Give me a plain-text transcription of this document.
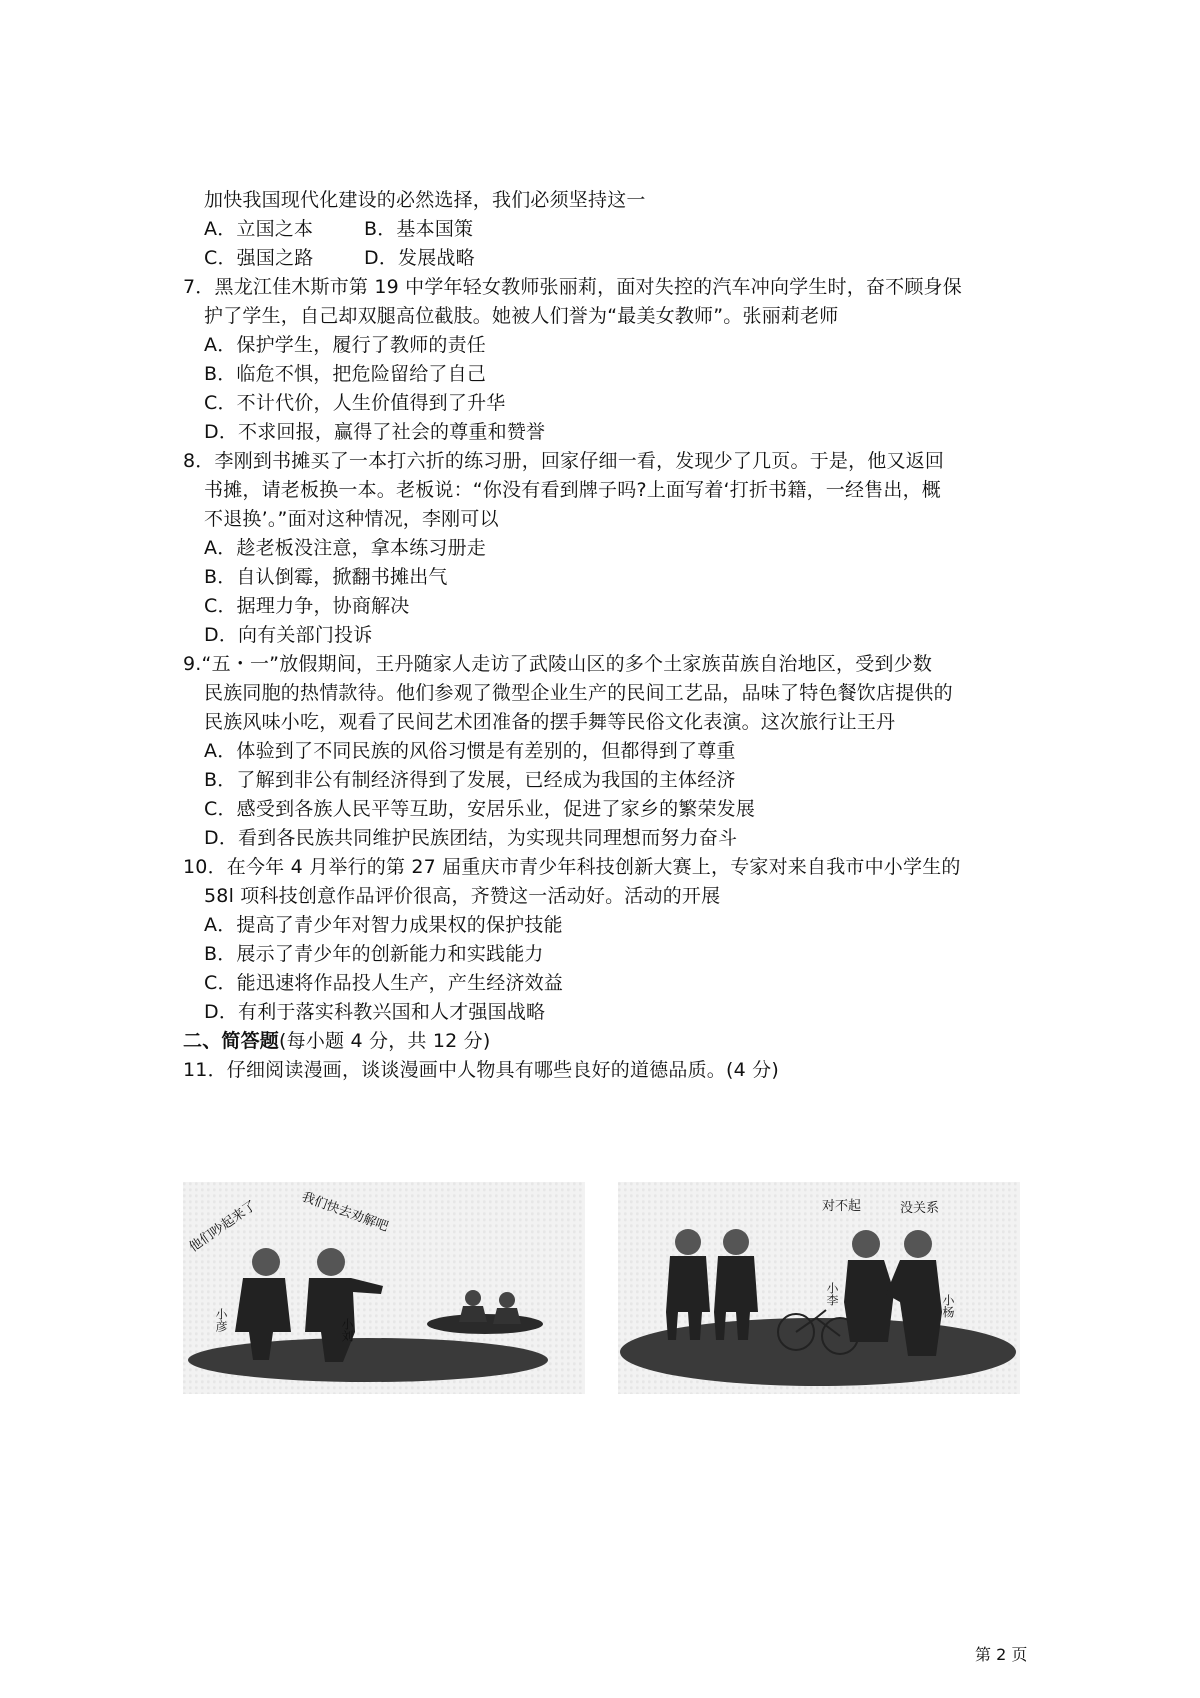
加快我国现代化建设的必然选择，我们必须坚持这一
A．立国之本	B．基本国策
C．强国之路	D．发展战略
7．黑龙江佳木斯市第 19 中学年轻女教师张丽莉，面对失控的汽车冲向学生时，奋不顾身保
护了学生，自己却双腿高位截肢。她被人们誉为“最美女教师”。张丽莉老师
A．保护学生，履行了教师的责任
B．临危不惧，把危险留给了自己
C．不计代价，人生价值得到了升华
D．不求回报，赢得了社会的尊重和赞誉
8．李刚到书摊买了一本打六折的练习册，回家仔细一看，发现少了几页。于是，他又返回
书摊，请老板换一本。老板说：“你没有看到牌子吗?上面写着‘打折书籍，一经售出，概
不退换’。”面对这种情况，李刚可以
A．趁老板没注意，拿本练习册走
B．自认倒霉，掀翻书摊出气
C．据理力争，协商解决
D．向有关部门投诉
9.“五・一”放假期间，王丹随家人走访了武陵山区的多个土家族苗族自治地区，受到少数
民族同胞的热情款待。他们参观了微型企业生产的民间工艺品，品味了特色餐饮店提供的
民族风味小吃，观看了民间艺术团准备的摆手舞等民俗文化表演。这次旅行让王丹
A．体验到了不同民族的风俗习惯是有差别的，但都得到了尊重
B．了解到非公有制经济得到了发展，已经成为我国的主体经济
C．感受到各族人民平等互助，安居乐业，促进了家乡的繁荣发展
D．看到各民族共同维护民族团结，为实现共同理想而努力奋斗
10．在今年 4 月举行的第 27 届重庆市青少年科技创新大赛上，专家对来自我市中小学生的
58l 项科技创意作品评价很高，齐赞这一活动好。活动的开展
A．提高了青少年对智力成果权的保护技能
B．展示了青少年的创新能力和实践能力
C．能迅速将作品投人生产，产生经济效益
D．有利于落实科教兴国和人才强国战略
二、简答题(每小题 4 分，共 12 分)
11．仔细阅读漫画，谈谈漫画中人物具有哪些良好的道德品质。(4 分)
他们吵起来了	我们快去劝解吧
小彦	小刘
对不起	没关系
小李	小杨
第 2 页
